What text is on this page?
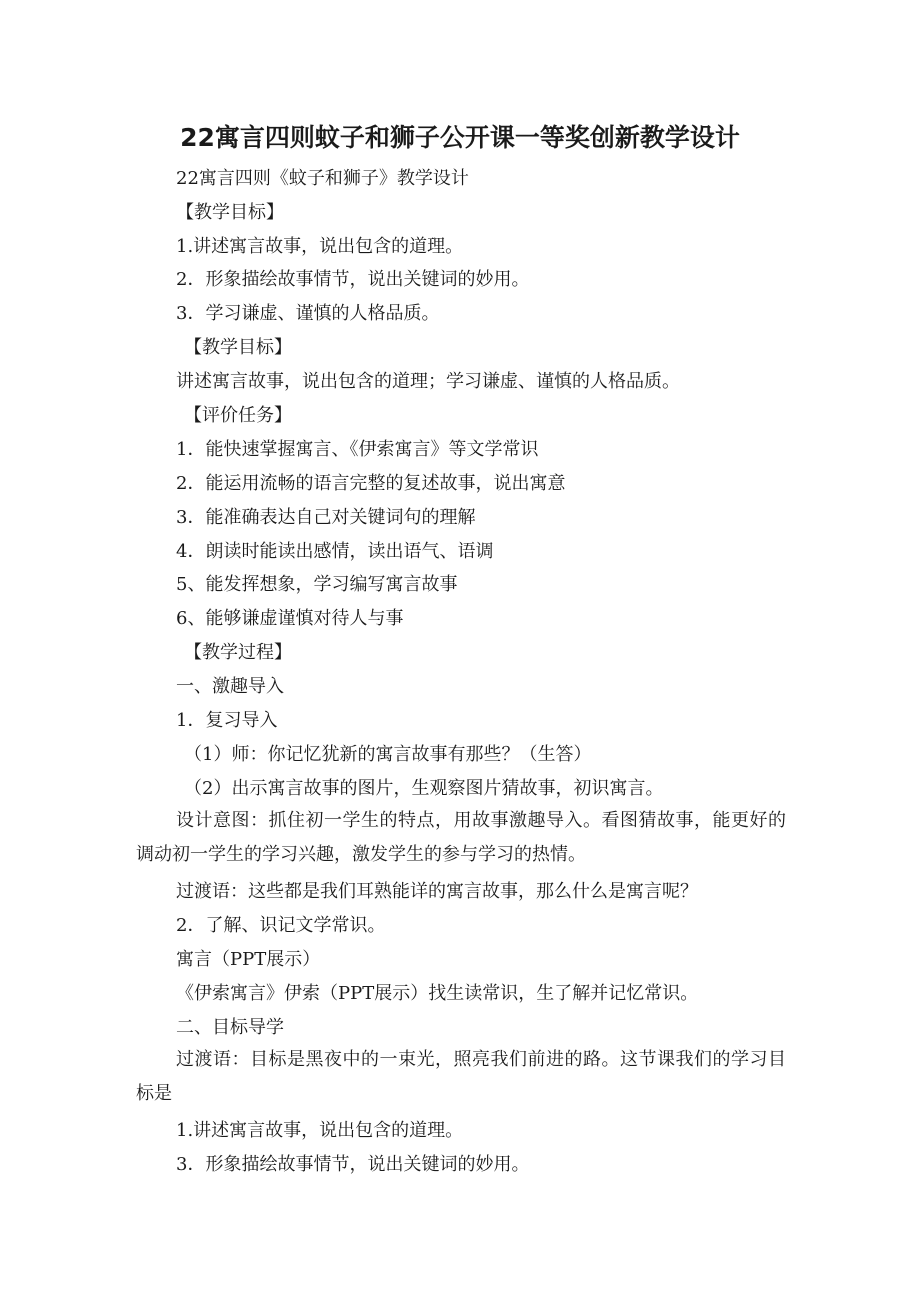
22寓言四则蚊子和狮子公开课一等奖创新教学设计

22寓言四则《蚊子和狮子》教学设计

【教学目标】

1.讲述寓言故事，说出包含的道理。

2．形象描绘故事情节，说出关键词的妙用。

3．学习谦虚、谨慎的人格品质。

【教学目标】

讲述寓言故事，说出包含的道理；学习谦虚、谨慎的人格品质。

【评价任务】

1．能快速掌握寓言、《伊索寓言》等文学常识

2．能运用流畅的语言完整的复述故事，说出寓意

3．能准确表达自己对关键词句的理解

4．朗读时能读出感情，读出语气、语调

5、能发挥想象，学习编写寓言故事

6、能够谦虚谨慎对待人与事

【教学过程】

一、激趣导入

1．复习导入

（1）师：你记忆犹新的寓言故事有那些？（生答）

（2）出示寓言故事的图片，生观察图片猜故事，初识寓言。

设计意图：抓住初一学生的特点，用故事激趣导入。看图猜故事，能更好的调动初一学生的学习兴趣，激发学生的参与学习的热情。

过渡语：这些都是我们耳熟能详的寓言故事，那么什么是寓言呢？

2．了解、识记文学常识。

寓言（PPT展示）

《伊索寓言》伊索（PPT展示）找生读常识，生了解并记忆常识。

二、目标导学

过渡语：目标是黑夜中的一束光，照亮我们前进的路。这节课我们的学习目标是

1.讲述寓言故事，说出包含的道理。

3．形象描绘故事情节，说出关键词的妙用。
